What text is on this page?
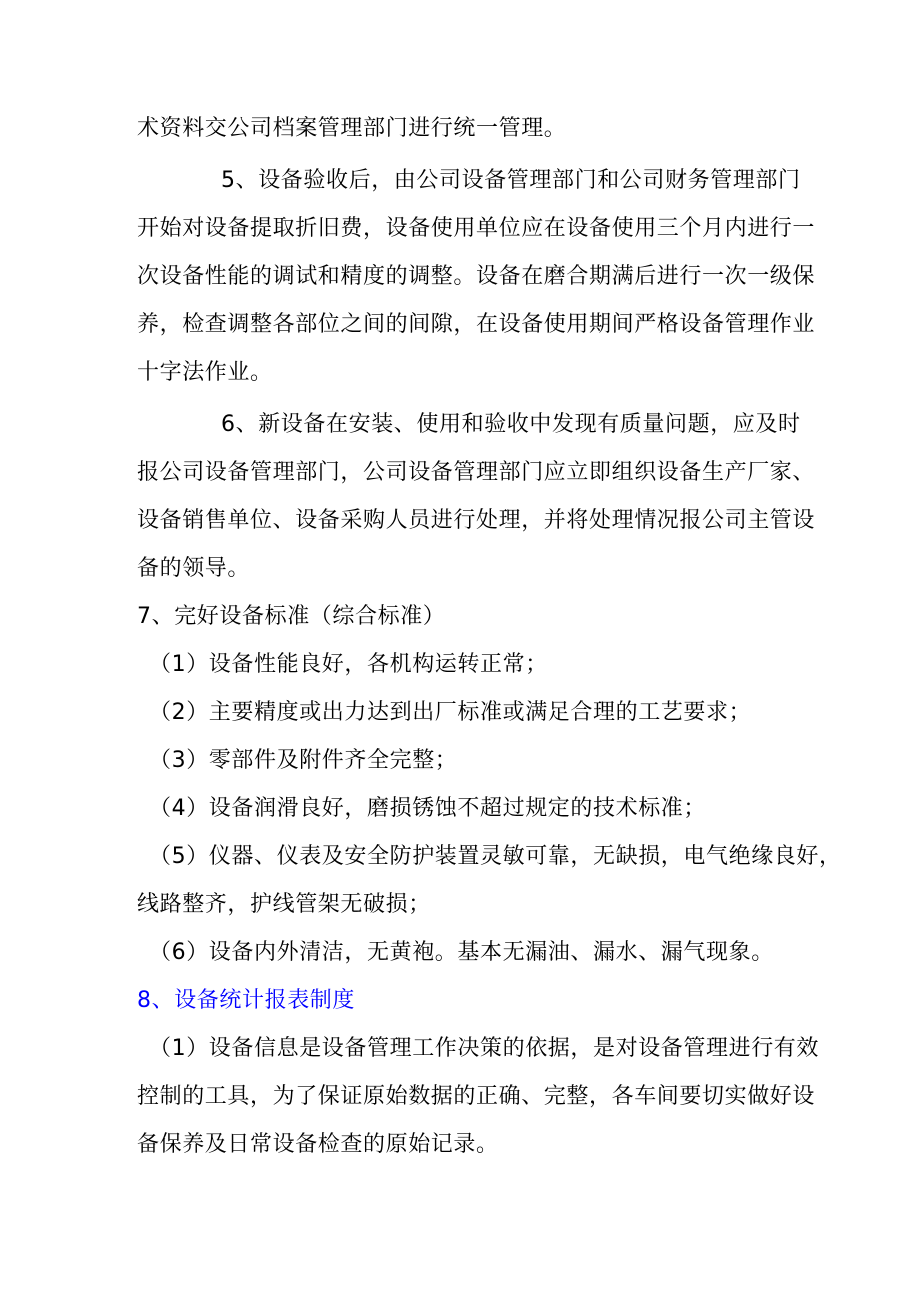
术资料交公司档案管理部门进行统一管理。
5、设备验收后，由公司设备管理部门和公司财务管理部门
开始对设备提取折旧费，设备使用单位应在设备使用三个月内进行一
次设备性能的调试和精度的调整。设备在磨合期满后进行一次一级保
养，检查调整各部位之间的间隙，在设备使用期间严格设备管理作业
十字法作业。
6、新设备在安装、使用和验收中发现有质量问题，应及时
报公司设备管理部门，公司设备管理部门应立即组织设备生产厂家、
设备销售单位、设备采购人员进行处理，并将处理情况报公司主管设
备的领导。
7、完好设备标准（综合标准）
（1）设备性能良好，各机构运转正常；
（2）主要精度或出力达到出厂标准或满足合理的工艺要求；
（3）零部件及附件齐全完整；
（4）设备润滑良好，磨损锈蚀不超过规定的技术标准；
（5）仪器、仪表及安全防护装置灵敏可靠，无缺损，电气绝缘良好，
线路整齐，护线管架无破损；
（6）设备内外清洁，无黄袍。基本无漏油、漏水、漏气现象。
8、设备统计报表制度
（1）设备信息是设备管理工作决策的依据，是对设备管理进行有效
控制的工具，为了保证原始数据的正确、完整，各车间要切实做好设
备保养及日常设备检查的原始记录。
